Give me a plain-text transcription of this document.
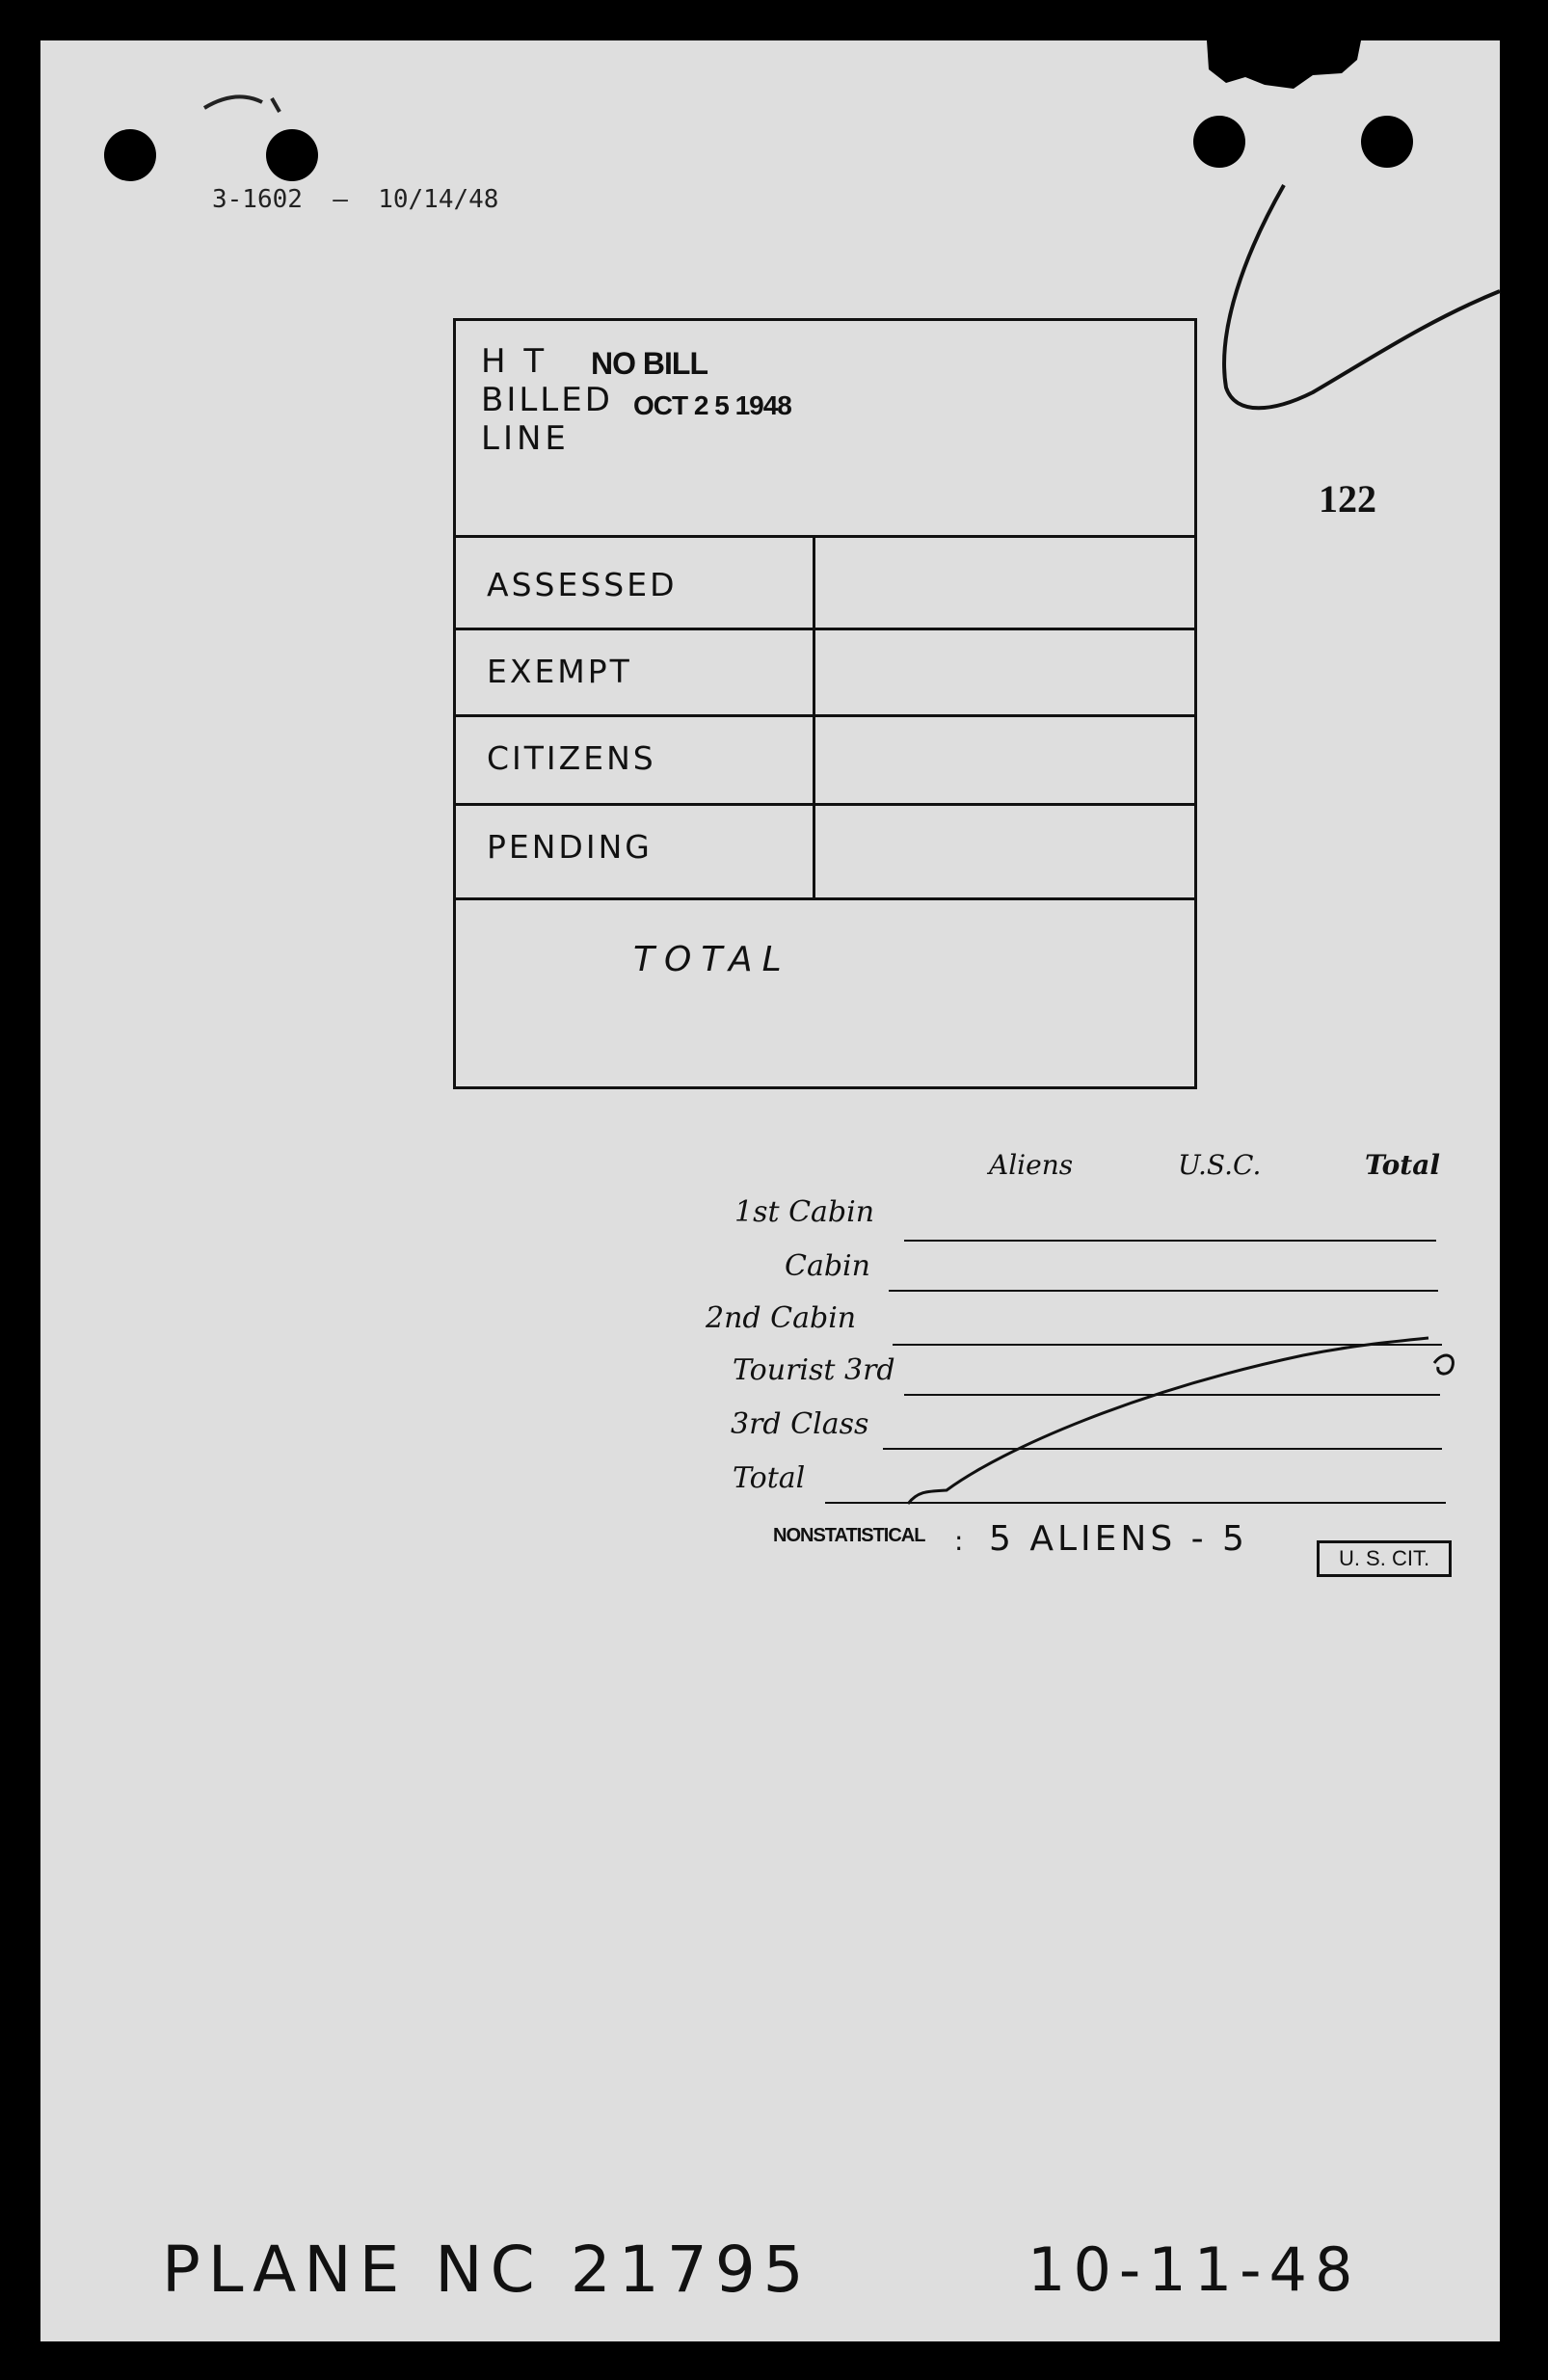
3-1602  —  10/14/48
122
H T
BILLED
LINE
NO BILL
OCT 2 5 1948
ASSESSED
EXEMPT
CITIZENS
PENDING
TOTAL
Aliens	U.S.C.	Total
1st Cabin
Cabin
2nd Cabin
Tourist 3rd
3rd Class
Total
NONSTATISTICAL : 5 ALIENS - 5	U. S. CIT.
PLANE NC 21795	10-11-48
